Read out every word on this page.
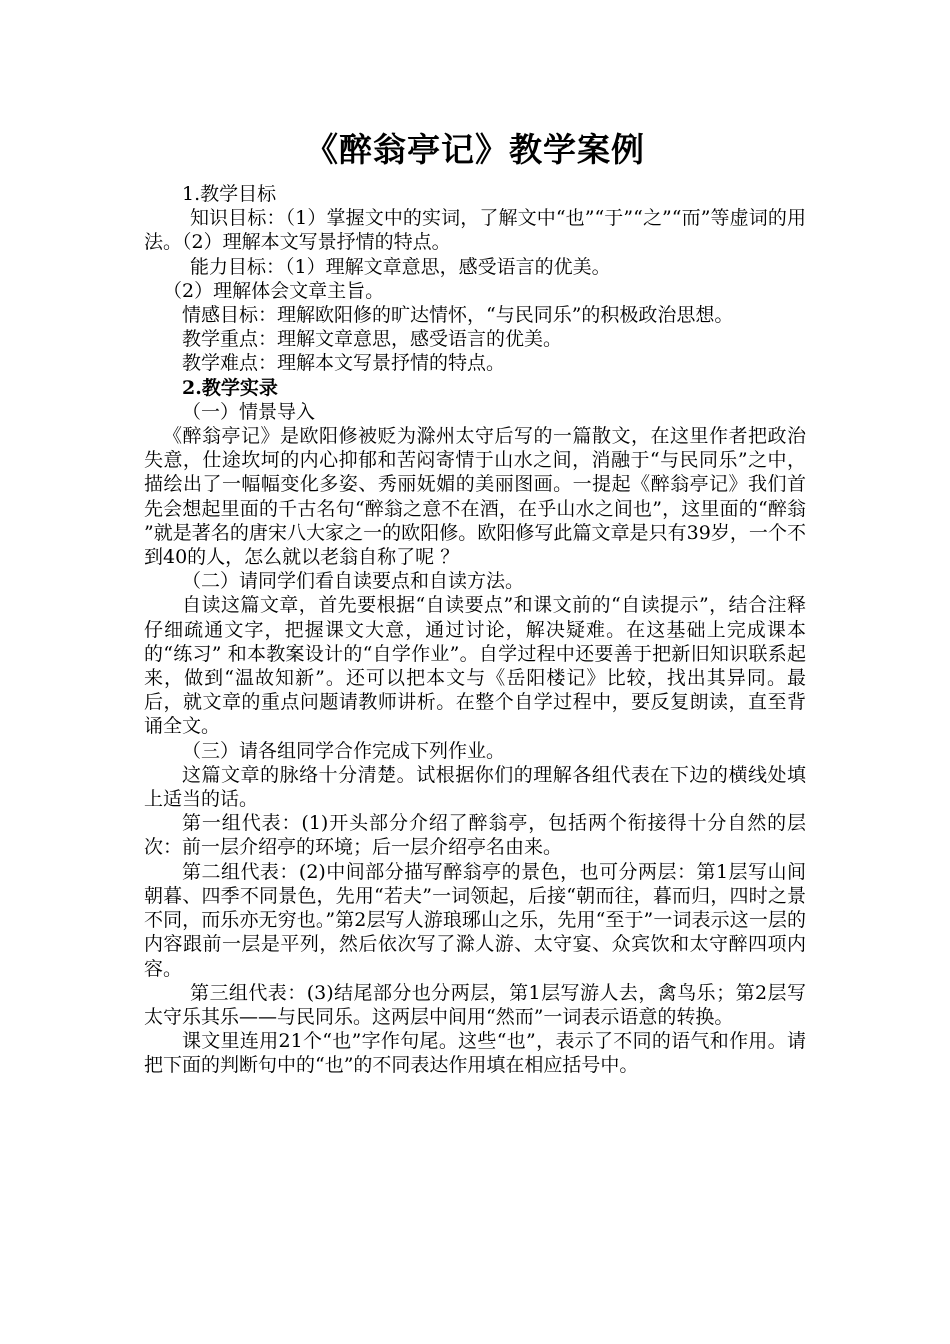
《醉翁亭记》教学案例

1.教学目标

知识目标：（1）掌握文中的实词，了解文中“也”“于”“之”“而”等虚词的用法。（2）理解本文写景抒情的特点。

能力目标：（1）理解文章意思，感受语言的优美。

（2）理解体会文章主旨。

情感目标：理解欧阳修的旷达情怀，“与民同乐”的积极政治思想。

教学重点：理解文章意思，感受语言的优美。

教学难点：理解本文写景抒情的特点。

2.教学实录

（一）情景导入

《醉翁亭记》是欧阳修被贬为滁州太守后写的一篇散文，在这里作者把政治失意，仕途坎坷的内心抑郁和苦闷寄情于山水之间，消融于“与民同乐”之中，描绘出了一幅幅变化多姿、秀丽妩媚的美丽图画。一提起《醉翁亭记》我们首先会想起里面的千古名句“醉翁之意不在酒，在乎山水之间也”，这里面的“醉翁 ”就是著名的唐宋八大家之一的欧阳修。欧阳修写此篇文章是只有39岁，一个不到40的人，怎么就以老翁自称了呢 ？

（二）请同学们看自读要点和自读方法。

自读这篇文章，首先要根据“自读要点”和课文前的“自读提示”，结合注释仔细疏通文字，把握课文大意，通过讨论，解决疑难。在这基础上完成课本的“练习” 和本教案设计的“自学作业”。自学过程中还要善于把新旧知识联系起来，做到“温故知新”。还可以把本文与《岳阳楼记》比较，找出其异同。最后，就文章的重点问题请教师讲析。在整个自学过程中，要反复朗读，直至背诵全文。

（三）请各组同学合作完成下列作业。

这篇文章的脉络十分清楚。试根据你们的理解各组代表在下边的横线处填上适当的话。

第一组代表：(1)开头部分介绍了醉翁亭，包括两个衔接得十分自然的层次：前一层介绍亭的环境；后一层介绍亭名由来。

第二组代表：(2)中间部分描写醉翁亭的景色，也可分两层：第1层写山间朝暮、四季不同景色，先用“若夫”一词领起，后接“朝而往，暮而归，四时之景不同，而乐亦无穷也。”第2层写人游琅琊山之乐，先用“至于”一词表示这一层的内容跟前一层是平列，然后依次写了滁人游、太守宴、众宾饮和太守醉四项内容。

第三组代表：(3)结尾部分也分两层，第1层写游人去，禽鸟乐；第2层写太守乐其乐——与民同乐。这两层中间用“然而”一词表示语意的转换。

课文里连用21个“也”字作句尾。这些“也”，表示了不同的语气和作用。请把下面的判断句中的“也”的不同表达作用填在相应括号中。
